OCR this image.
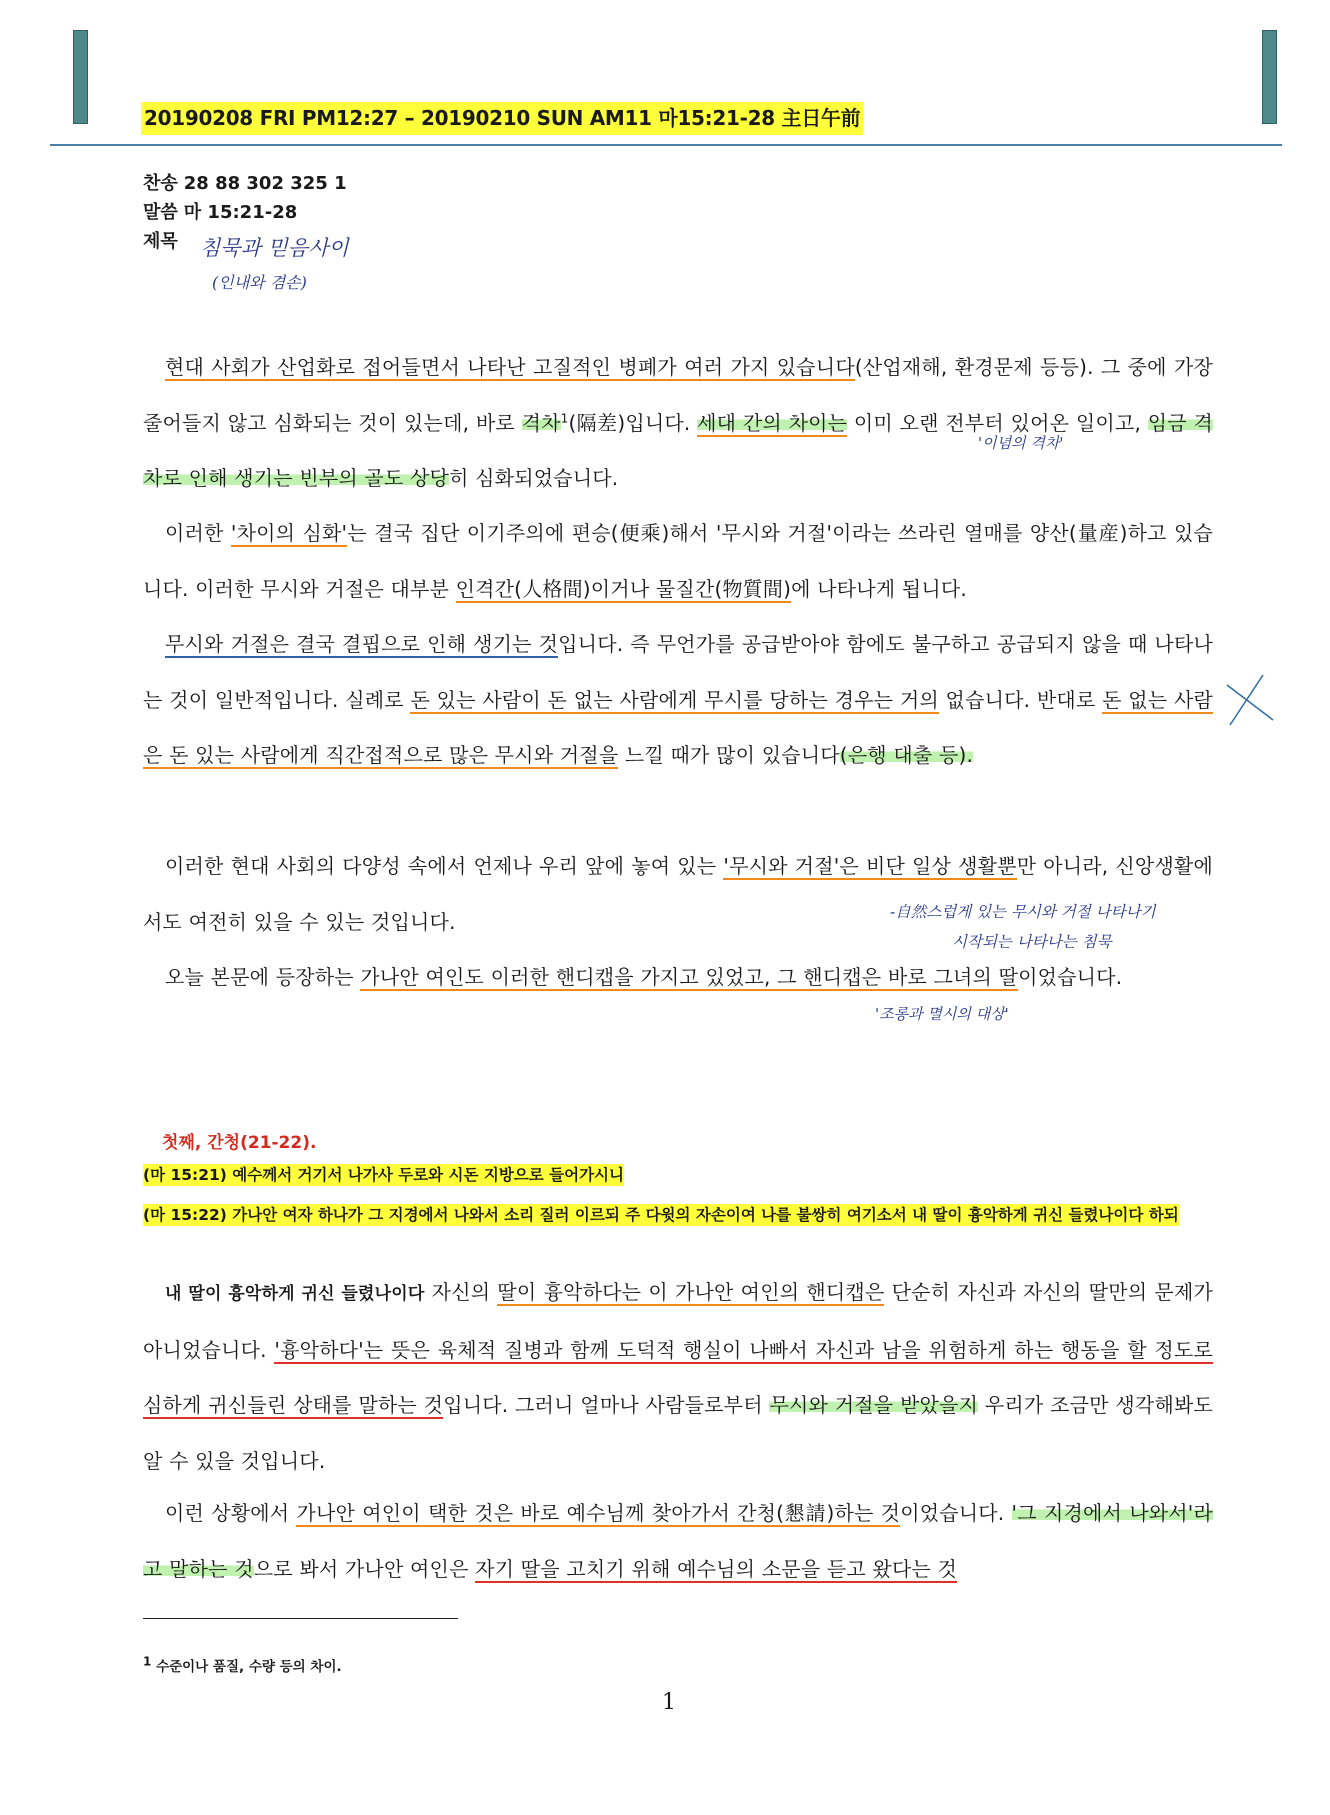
20190208 FRI PM12:27 – 20190210 SUN AM11 마15:21-28 主日午前
찬송 28 88 302 325 1
말씀 마 15:21-28
제목 침묵과 믿음사이
(인내와 겸손)
현대 사회가 산업화로 접어들면서 나타난 고질적인 병폐가 여러 가지 있습니다(산업재해, 환경문제 등등). 그 중에 가장 줄어들지 않고 심화되는 것이 있는데, 바로 격차$^1$(隔差)입니다. 세대 간의 차이는 이미 오랜 전부터 있어온 일이고, 임금 격차로 인해 생기는 빈부의 골도 상당히 심화되었습니다.
'이념의 격차'
이러한 '차이의 심화'는 결국 집단 이기주의에 편승(便乘)해서 '무시와 거절'이라는 쓰라린 열매를 양산(量産)하고 있습니다. 이러한 무시와 거절은 대부분 인격간(人格間)이거나 물질간(物質間)에 나타나게 됩니다.
무시와 거절은 결국 결핍으로 인해 생기는 것입니다. 즉 무언가를 공급받아야 함에도 불구하고 공급되지 않을 때 나타나는 것이 일반적입니다. 실례로 돈 있는 사람이 돈 없는 사람에게 무시를 당하는 경우는 거의 없습니다. 반대로 돈 없는 사람은 돈 있는 사람에게 직간접적으로 많은 무시와 거절을 느낄 때가 많이 있습니다(은행 대출 등).
이러한 현대 사회의 다양성 속에서 언제나 우리 앞에 놓여 있는 '무시와 거절'은 비단 일상 생활뿐만 아니라, 신앙생활에서도 여전히 있을 수 있는 것입니다.	-自然스럽게 있는 무시와 거절 나타나기
시작되는 나타나는 침묵
오늘 본문에 등장하는 가나안 여인도 이러한 핸디캡을 가지고 있었고, 그 핸디캡은 바로 그녀의 딸이었습니다.
'조롱과 멸시의 대상'
첫째, 간청(21-22).
(마 15:21) 예수께서 거기서 나가사 두로와 시돈 지방으로 들어가시니
(마 15:22) 가나안 여자 하나가 그 지경에서 나와서 소리 질러 이르되 주 다윗의 자손이여 나를 불쌍히 여기소서 내 딸이 흉악하게 귀신 들렸나이다 하되
내 딸이 흉악하게 귀신 들렸나이다 자신의 딸이 흉악하다는 이 가나안 여인의 핸디캡은 단순히 자신과 자신의 딸만의 문제가 아니었습니다. '흉악하다'는 뜻은 육체적 질병과 함께 도덕적 행실이 나빠서 자신과 남을 위험하게 하는 행동을 할 정도로 심하게 귀신들린 상태를 말하는 것입니다. 그러니 얼마나 사람들로부터 무시와 거절을 받았을지 우리가 조금만 생각해봐도 알 수 있을 것입니다.
이런 상황에서 가나안 여인이 택한 것은 바로 예수님께 찾아가서 간청(懇請)하는 것이었습니다. '그 지경에서 나와서'라고 말하는 것으로 봐서 가나안 여인은 자기 딸을 고치기 위해 예수님의 소문을 듣고 왔다는 것
$^1$ 수준이나 품질, 수량 등의 차이.
1
